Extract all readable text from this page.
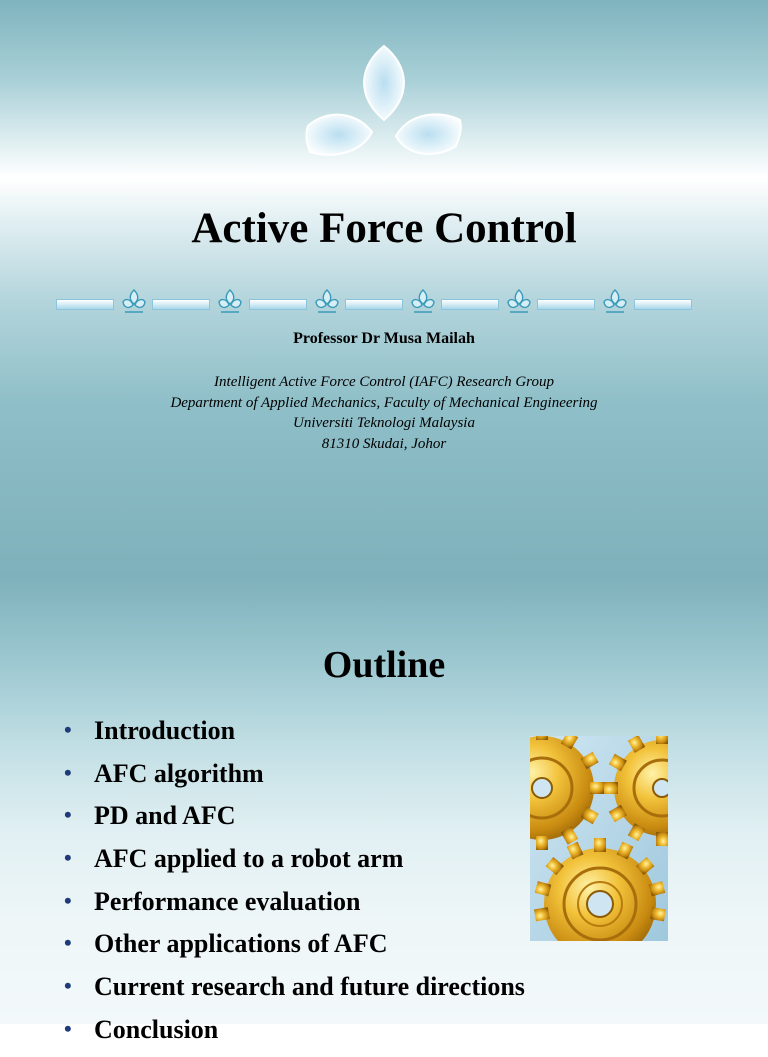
Active Force Control
Professor Dr Musa Mailah
Intelligent Active Force Control (IAFC) Research Group
Department of Applied Mechanics, Faculty of Mechanical Engineering
Universiti Teknologi Malaysia
81310 Skudai, Johor
Outline
• Introduction
• AFC algorithm
• PD and AFC
• AFC applied to a robot arm
• Performance evaluation
• Other applications of AFC
• Current research and future directions
• Conclusion
